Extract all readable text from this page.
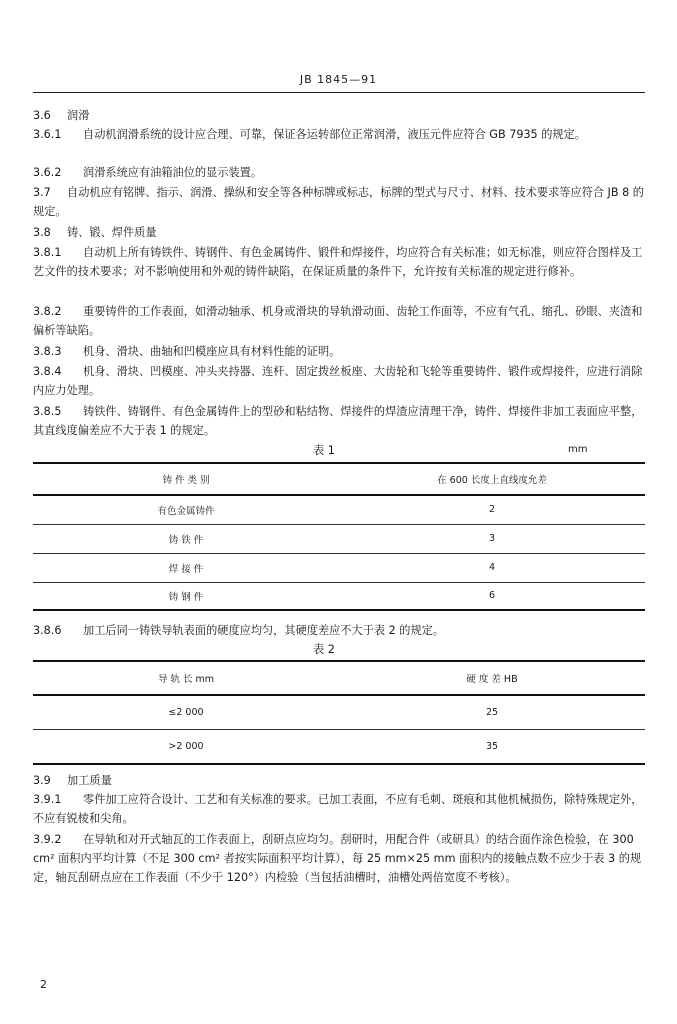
JB 1845—91

3.6 润滑

3.6.1 自动机润滑系统的设计应合理、可靠，保证各运转部位正常润滑，液压元件应符合 GB 7935 的规定。

3.6.2 润滑系统应有油箱油位的显示装置。

3.7 自动机应有铭牌、指示、润滑、操纵和安全等各种标牌或标志，标牌的型式与尺寸、材料、技术要求等应符合 JB 8 的规定。

3.8 铸、锻、焊件质量

3.8.1 自动机上所有铸铁件、铸钢件、有色金属铸件、锻件和焊接件，均应符合有关标准；如无标准，则应符合图样及工艺文件的技术要求；对不影响使用和外观的铸件缺陷，在保证质量的条件下，允许按有关标准的规定进行修补。

3.8.2 重要铸件的工作表面，如滑动轴承、机身或滑块的导轨滑动面、齿轮工作面等，不应有气孔、缩孔、砂眼、夹渣和偏析等缺陷。

3.8.3 机身、滑块、曲轴和凹模座应具有材料性能的证明。

3.8.4 机身、滑块、凹模座、冲头夹持器、连杆、固定拨丝板座、大齿轮和飞轮等重要铸件、锻件或焊接件，应进行消除内应力处理。

3.8.5 铸铁件、铸钢件、有色金属铸件上的型砂和粘结物、焊接件的焊渣应清理干净，铸件、焊接件非加工表面应平整，其直线度偏差应不大于表 1 的规定。

表 1	mm
铸 件 类 别	在 600 长度上直线度允差
有色金属铸件	2
铸 铁 件	3
焊 接 件	4
铸 钢 件	6

3.8.6 加工后同一铸铁导轨表面的硬度应均匀，其硬度差应不大于表 2 的规定。

表 2
导 轨 长 mm	硬 度 差 HB
≤2 000	25
>2 000	35

3.9 加工质量

3.9.1 零件加工应符合设计、工艺和有关标准的要求。已加工表面，不应有毛刺、斑痕和其他机械损伤，除特殊规定外，不应有锐棱和尖角。

3.9.2 在导轨和对开式轴瓦的工作表面上，刮研点应均匀。刮研时，用配合件（或研具）的结合面作涂色检验，在 300 cm² 面积内平均计算（不足 300 cm² 者按实际面积平均计算），每 25 mm×25 mm 面积内的接触点数不应少于表 3 的规定，轴瓦刮研点应在工作表面（不少于 120°）内检验（当包括油槽时，油槽处两倍宽度不考核）。

2
